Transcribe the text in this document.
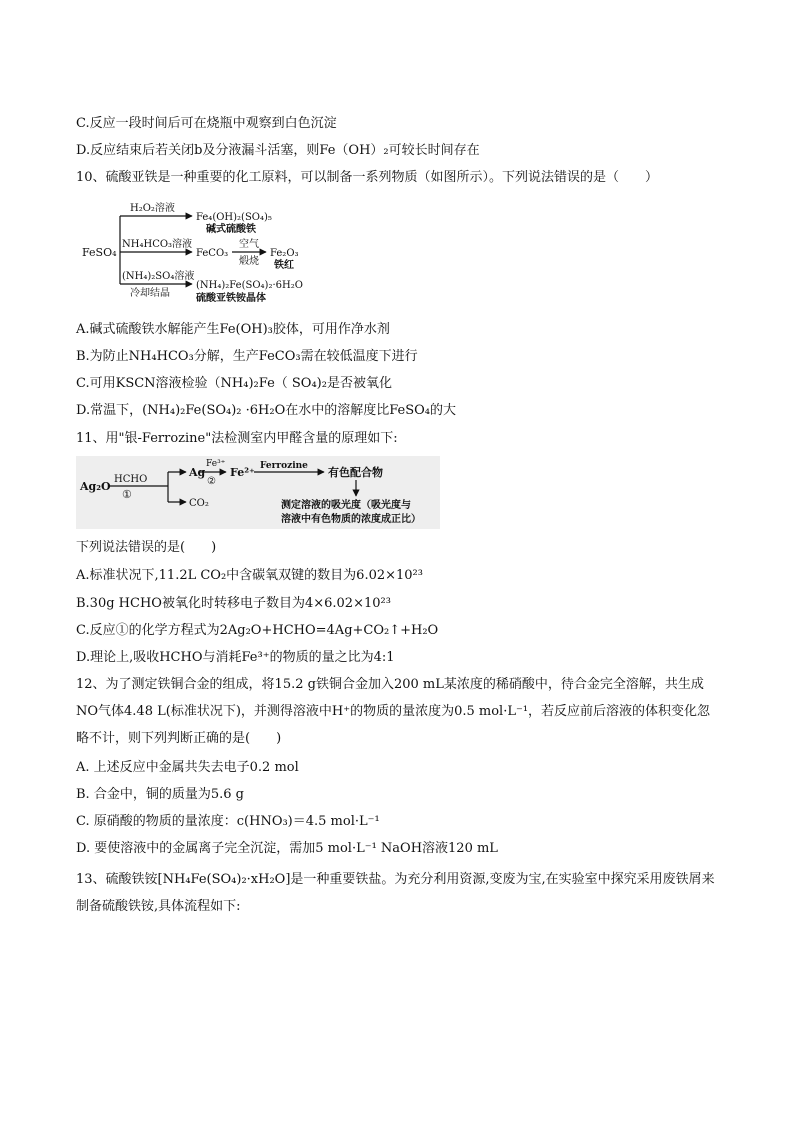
C.反应一段时间后可在烧瓶中观察到白色沉淀
D.反应结束后若关闭b及分液漏斗活塞，则Fe（OH）₂可较长时间存在
10、硫酸亚铁是一种重要的化工原料，可以制备一系列物质（如图所示）。下列说法错误的是（　　）
FeSO₄
H₂O₂溶液
Fe₄(OH)₂(SO₄)₅
碱式硫酸铁
NH₄HCO₃溶液
FeCO₃
空气
煅烧
Fe₂O₃
铁红
(NH₄)₂SO₄溶液
冷却结晶
(NH₄)₂Fe(SO₄)₂·6H₂O
硫酸亚铁铵晶体
A.碱式硫酸铁水解能产生Fe(OH)₃胶体，可用作净水剂
B.为防止NH₄HCO₃分解，生产FeCO₃需在较低温度下进行
C.可用KSCN溶液检验（NH₄)₂Fe（ SO₄)₂是否被氧化
D.常温下，(NH₄)₂Fe(SO₄)₂ ·6H₂O在水中的溶解度比FeSO₄的大
11、用"银-Ferrozine"法检测室内甲醛含量的原理如下:
Ag₂O
HCHO
①
Ag
CO₂
Fe³⁺
②
Fe²⁺ Ferrozine 有色配合物
测定溶液的吸光度（吸光度与
溶液中有色物质的浓度成正比）
下列说法错误的是(　　)
A.标准状况下,11.2L CO₂中含碳氧双键的数目为6.02×10²³
B.30g HCHO被氧化时转移电子数目为4×6.02×10²³
C.反应①的化学方程式为2Ag₂O+HCHO=4Ag+CO₂↑+H₂O
D.理论上,吸收HCHO与消耗Fe³⁺的物质的量之比为4:1
12、为了测定铁铜合金的组成，将15.2 g铁铜合金加入200 mL某浓度的稀硝酸中，待合金完全溶解，共生成NO气体4.48 L(标准状况下)，并测得溶液中H⁺的物质的量浓度为0.5 mol·L⁻¹，若反应前后溶液的体积变化忽略不计，则下列判断正确的是(　　)
A. 上述反应中金属共失去电子0.2 mol
B. 合金中，铜的质量为5.6 g
C. 原硝酸的物质的量浓度：c(HNO₃)＝4.5 mol·L⁻¹
D. 要使溶液中的金属离子完全沉淀，需加5 mol·L⁻¹ NaOH溶液120 mL
13、硫酸铁铵[NH₄Fe(SO₄)₂·xH₂O]是一种重要铁盐。为充分利用资源,变废为宝,在实验室中探究采用废铁屑来制备硫酸铁铵,具体流程如下:
